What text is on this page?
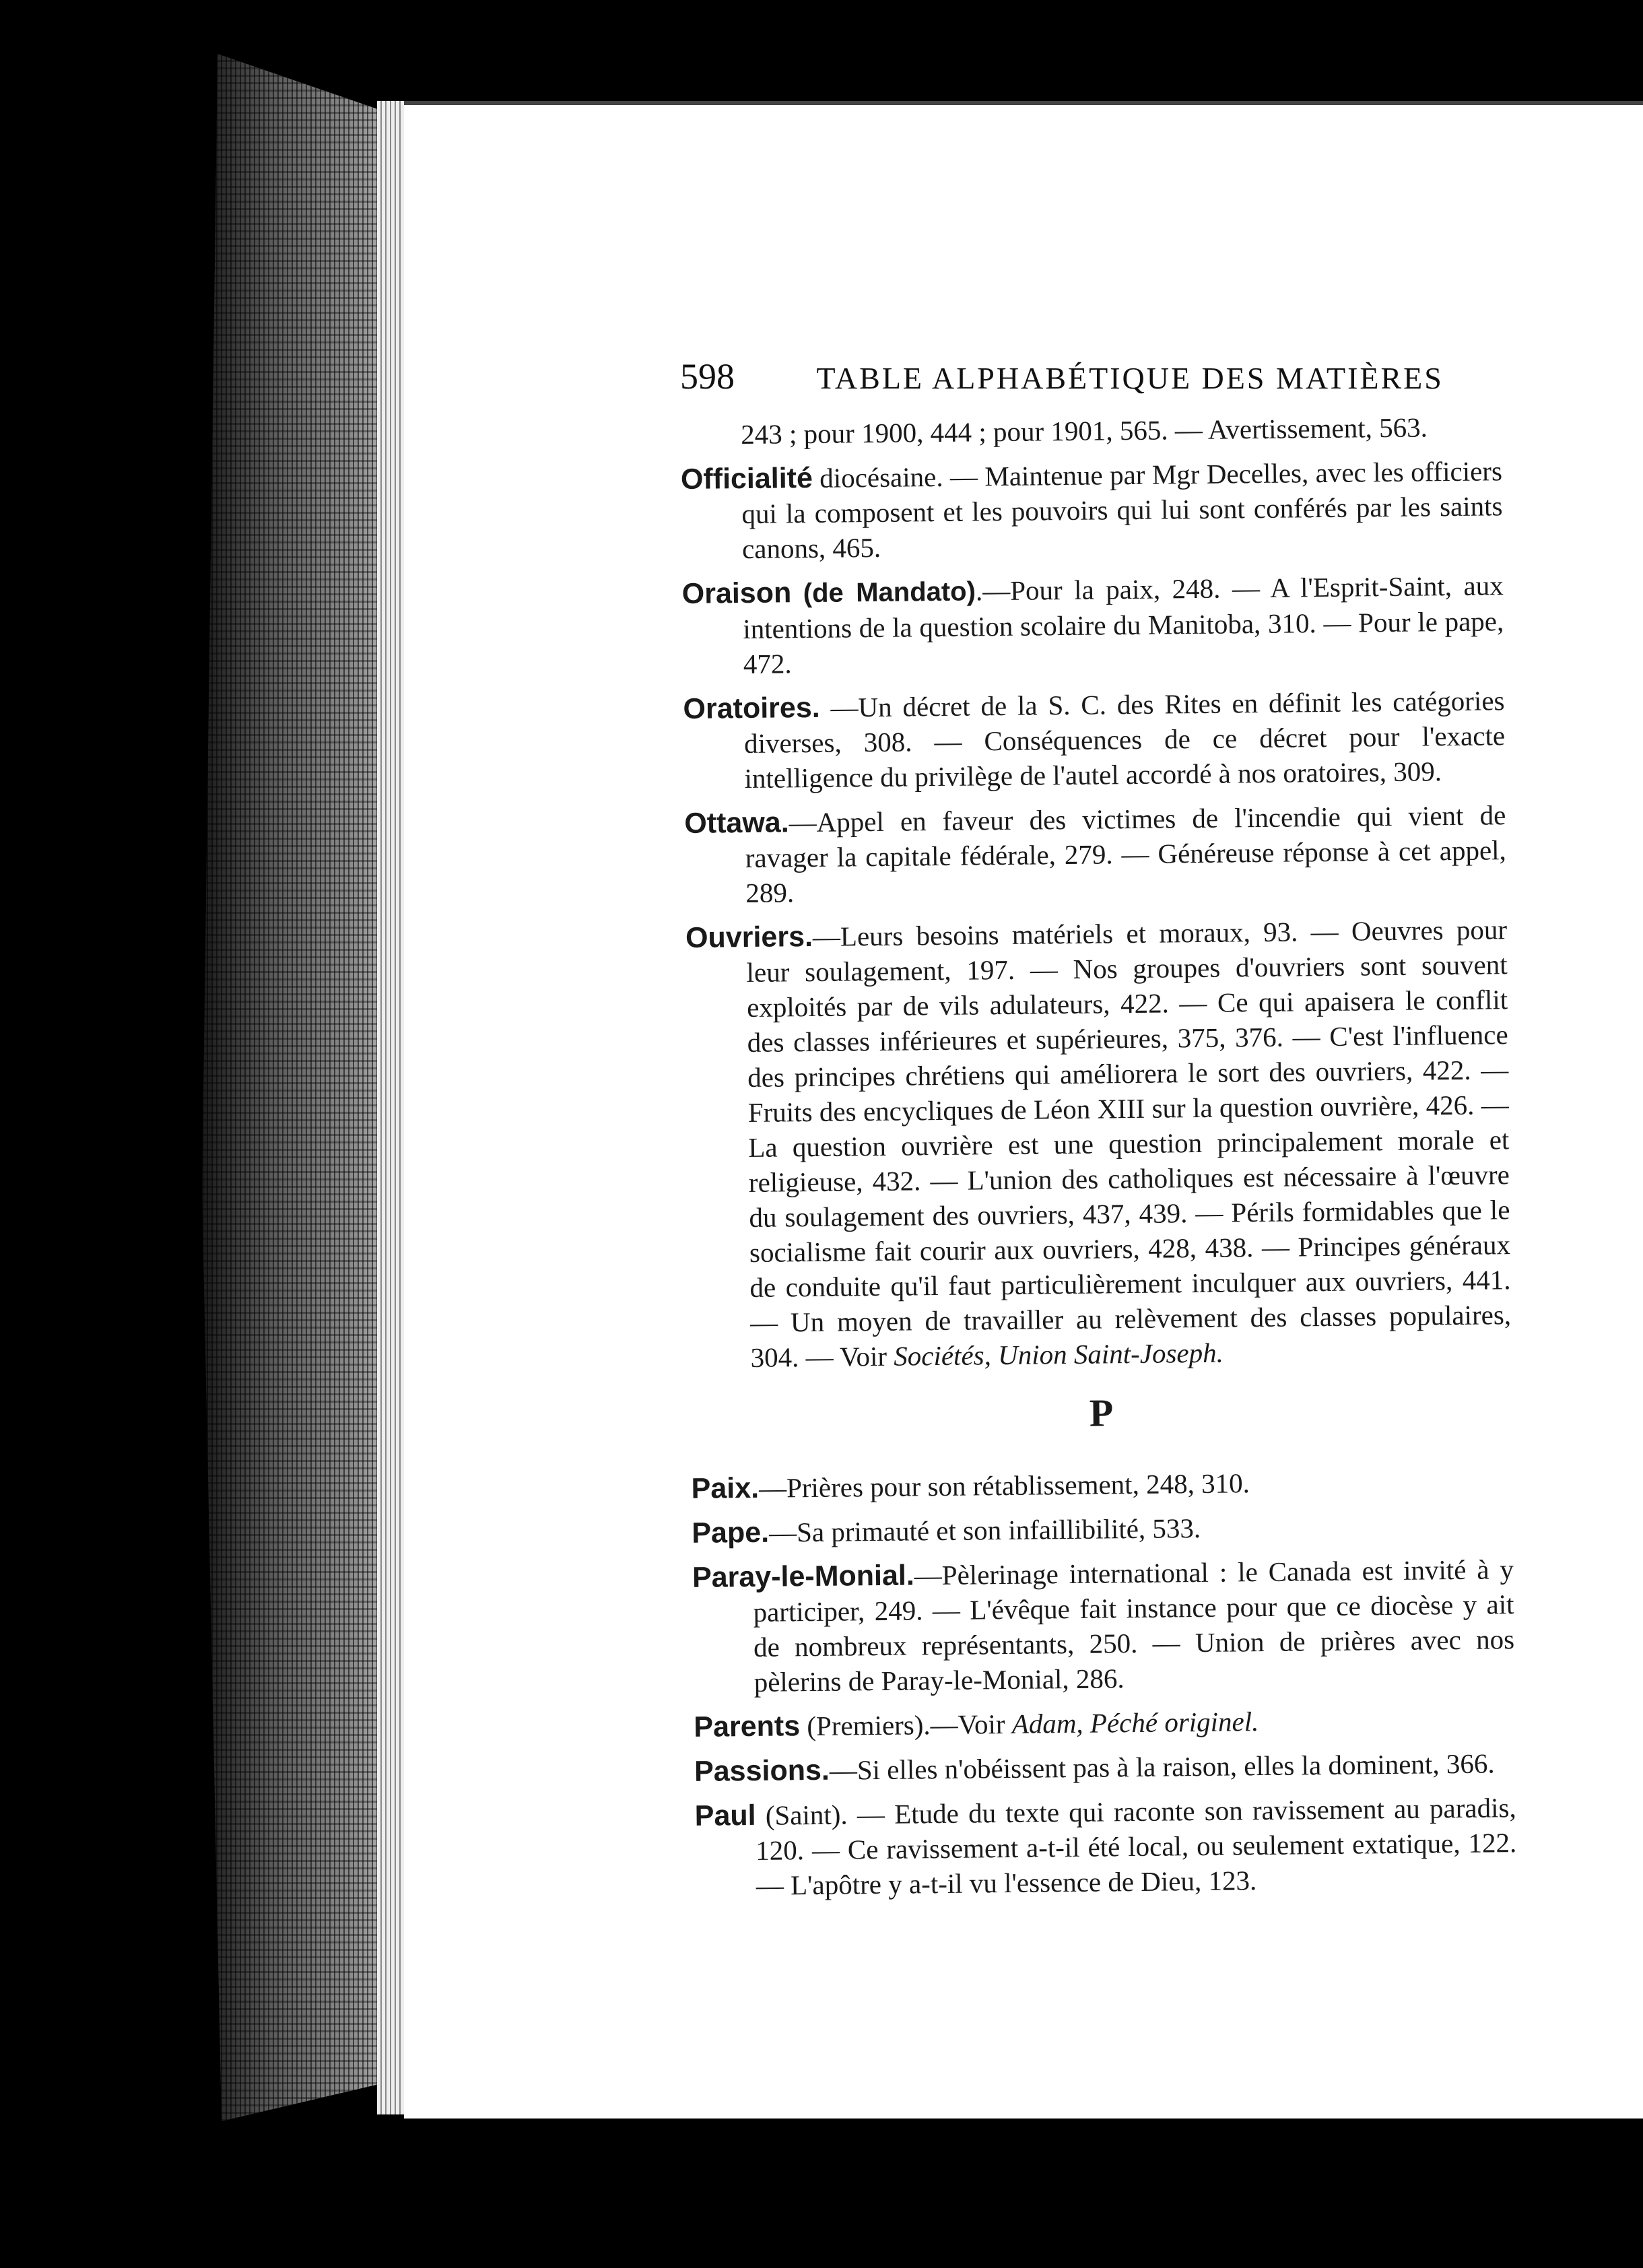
598	TABLE ALPHABÉTIQUE DES MATIÈRES

243 ; pour 1900, 444 ; pour 1901, 565. — Avertissement, 563.

Officialité diocésaine. — Maintenue par Mgr Decelles, avec les officiers qui la composent et les pouvoirs qui lui sont conférés par les saints canons, 465.

Oraison (de Mandato).—Pour la paix, 248. — A l'Esprit-Saint, aux intentions de la question scolaire du Manitoba, 310. — Pour le pape, 472.

Oratoires. —Un décret de la S. C. des Rites en définit les catégories diverses, 308. — Conséquences de ce décret pour l'exacte intelligence du privilège de l'autel accordé à nos oratoires, 309.

Ottawa.—Appel en faveur des victimes de l'incendie qui vient de ravager la capitale fédérale, 279. — Généreuse réponse à cet appel, 289.

Ouvriers.—Leurs besoins matériels et moraux, 93. — Oeuvres pour leur soulagement, 197. — Nos groupes d'ouvriers sont souvent exploités par de vils adulateurs, 422. — Ce qui apaisera le conflit des classes inférieures et supérieures, 375, 376. — C'est l'influence des principes chrétiens qui améliorera le sort des ouvriers, 422. — Fruits des encycliques de Léon XIII sur la question ouvrière, 426. — La question ouvrière est une question principalement morale et religieuse, 432. — L'union des catholiques est nécessaire à l'œuvre du soulagement des ouvriers, 437, 439. — Périls formidables que le socialisme fait courir aux ouvriers, 428, 438. — Principes généraux de conduite qu'il faut particulièrement inculquer aux ouvriers, 441. — Un moyen de travailler au relèvement des classes populaires, 304. — Voir Sociétés, Union Saint-Joseph.

P

Paix.—Prières pour son rétablissement, 248, 310.

Pape.—Sa primauté et son infaillibilité, 533.

Paray-le-Monial.—Pèlerinage international : le Canada est invité à y participer, 249. — L'évêque fait instance pour que ce diocèse y ait de nombreux représentants, 250. — Union de prières avec nos pèlerins de Paray-le-Monial, 286.

Parents (Premiers).—Voir Adam, Péché originel.

Passions.—Si elles n'obéissent pas à la raison, elles la dominent, 366.

Paul (Saint). — Etude du texte qui raconte son ravissement au paradis, 120. — Ce ravissement a-t-il été local, ou seulement extatique, 122. — L'apôtre y a-t-il vu l'essence de Dieu, 123.
